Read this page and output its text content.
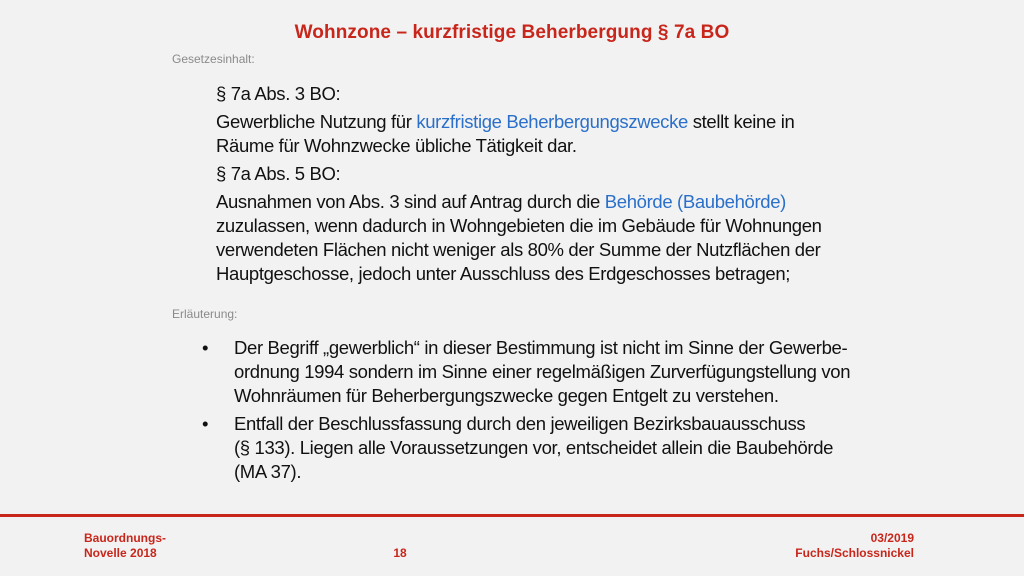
Wohnzone – kurzfristige Beherbergung § 7a BO
Gesetzesinhalt:

§ 7a Abs. 3 BO:

Gewerbliche Nutzung für kurzfristige Beherbergungszwecke stellt keine in Räume für Wohnzwecke übliche Tätigkeit dar.

§ 7a Abs. 5 BO:

Ausnahmen von Abs. 3 sind auf Antrag durch die Behörde (Baubehörde) zuzulassen, wenn dadurch in Wohngebieten die im Gebäude für Wohnungen verwendeten Flächen nicht weniger als 80% der Summe der Nutzflächen der Hauptgeschosse, jedoch unter Ausschluss des Erdgeschosses betragen;

Erläuterung:
• Der Begriff „gewerblich“ in dieser Bestimmung ist nicht im Sinne der Gewerbe-
ordnung 1994 sondern im Sinne einer regelmäßigen Zurverfügungstellung von
Wohnräumen für Beherbergungszwecke gegen Entgelt zu verstehen.
• Entfall der Beschlussfassung durch den jeweiligen Bezirksbauausschuss
(§ 133). Liegen alle Voraussetzungen vor, entscheidet allein die Baubehörde
(MA 37).
Bauordnungs-
Novelle 2018	18
03/2019
Fuchs/Schlossnickel
